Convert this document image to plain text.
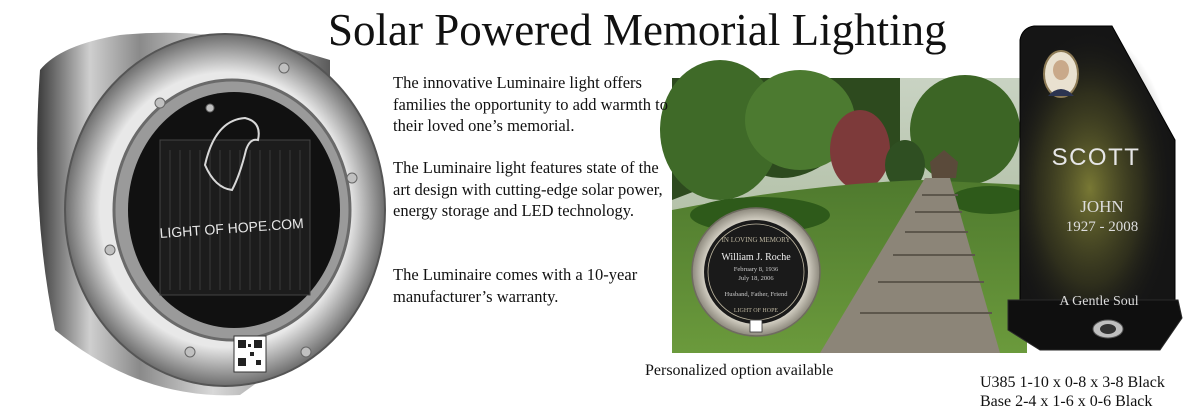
IN LOVING MEMORY
William J. Roche
February 8, 1936
July 18, 2006
Husband, Father, Friend
LIGHT OF HOPE
SCOTT
JOHN
1927 - 2008
A Gentle Soul
LIGHT OF HOPE.COM
Solar Powered Memorial Lighting

The innovative Luminaire light offers families the opportunity to add warmth to their loved one’s memorial.

The Luminaire light features state of the art design with cutting-edge solar power, energy storage and LED technology.

The Luminaire comes with a 10-year manufacturer’s warranty.

Personalized option available
U385 1-10 x 0-8 x 3-8 Black
Base 2-4 x 1-6 x 0-6 Black
